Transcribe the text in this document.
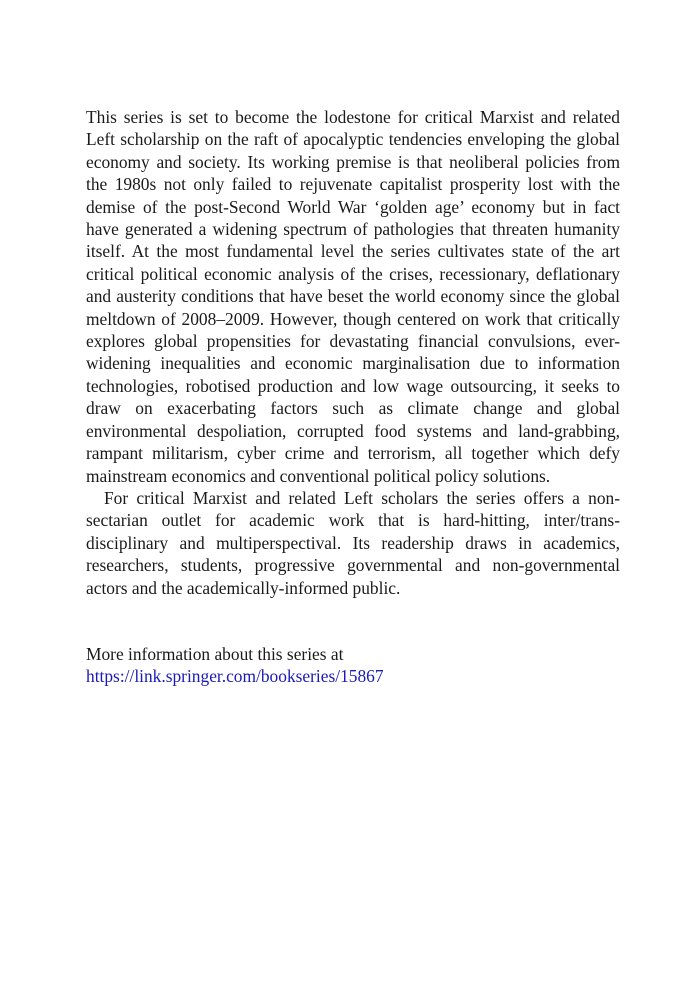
This series is set to become the lodestone for critical Marxist and related Left scholarship on the raft of apocalyptic tendencies enveloping the global economy and society. Its working premise is that neoliberal policies from the 1980s not only failed to rejuvenate capitalist prosperity lost with the demise of the post-Second World War ‘golden age’ economy but in fact have generated a widening spectrum of pathologies that threaten humanity itself. At the most fundamental level the series cultivates state of the art critical political economic analysis of the crises, recessionary, deflationary and austerity conditions that have beset the world economy since the global meltdown of 2008–2009. However, though centered on work that critically explores global propensities for devastating financial convulsions, ever-widening inequalities and economic marginalisation due to information technologies, robotised production and low wage outsourcing, it seeks to draw on exacerbating factors such as climate change and global environmental despoliation, corrupted food systems and land-grabbing, rampant militarism, cyber crime and terrorism, all together which defy mainstream economics and conventional political policy solutions.

For critical Marxist and related Left scholars the series offers a non-sectarian outlet for academic work that is hard-hitting, inter/transdisciplinary and multiperspectival. Its readership draws in academics, researchers, students, progressive governmental and non-governmental actors and the academically-informed public.

More information about this series at
https://link.springer.com/bookseries/15867
